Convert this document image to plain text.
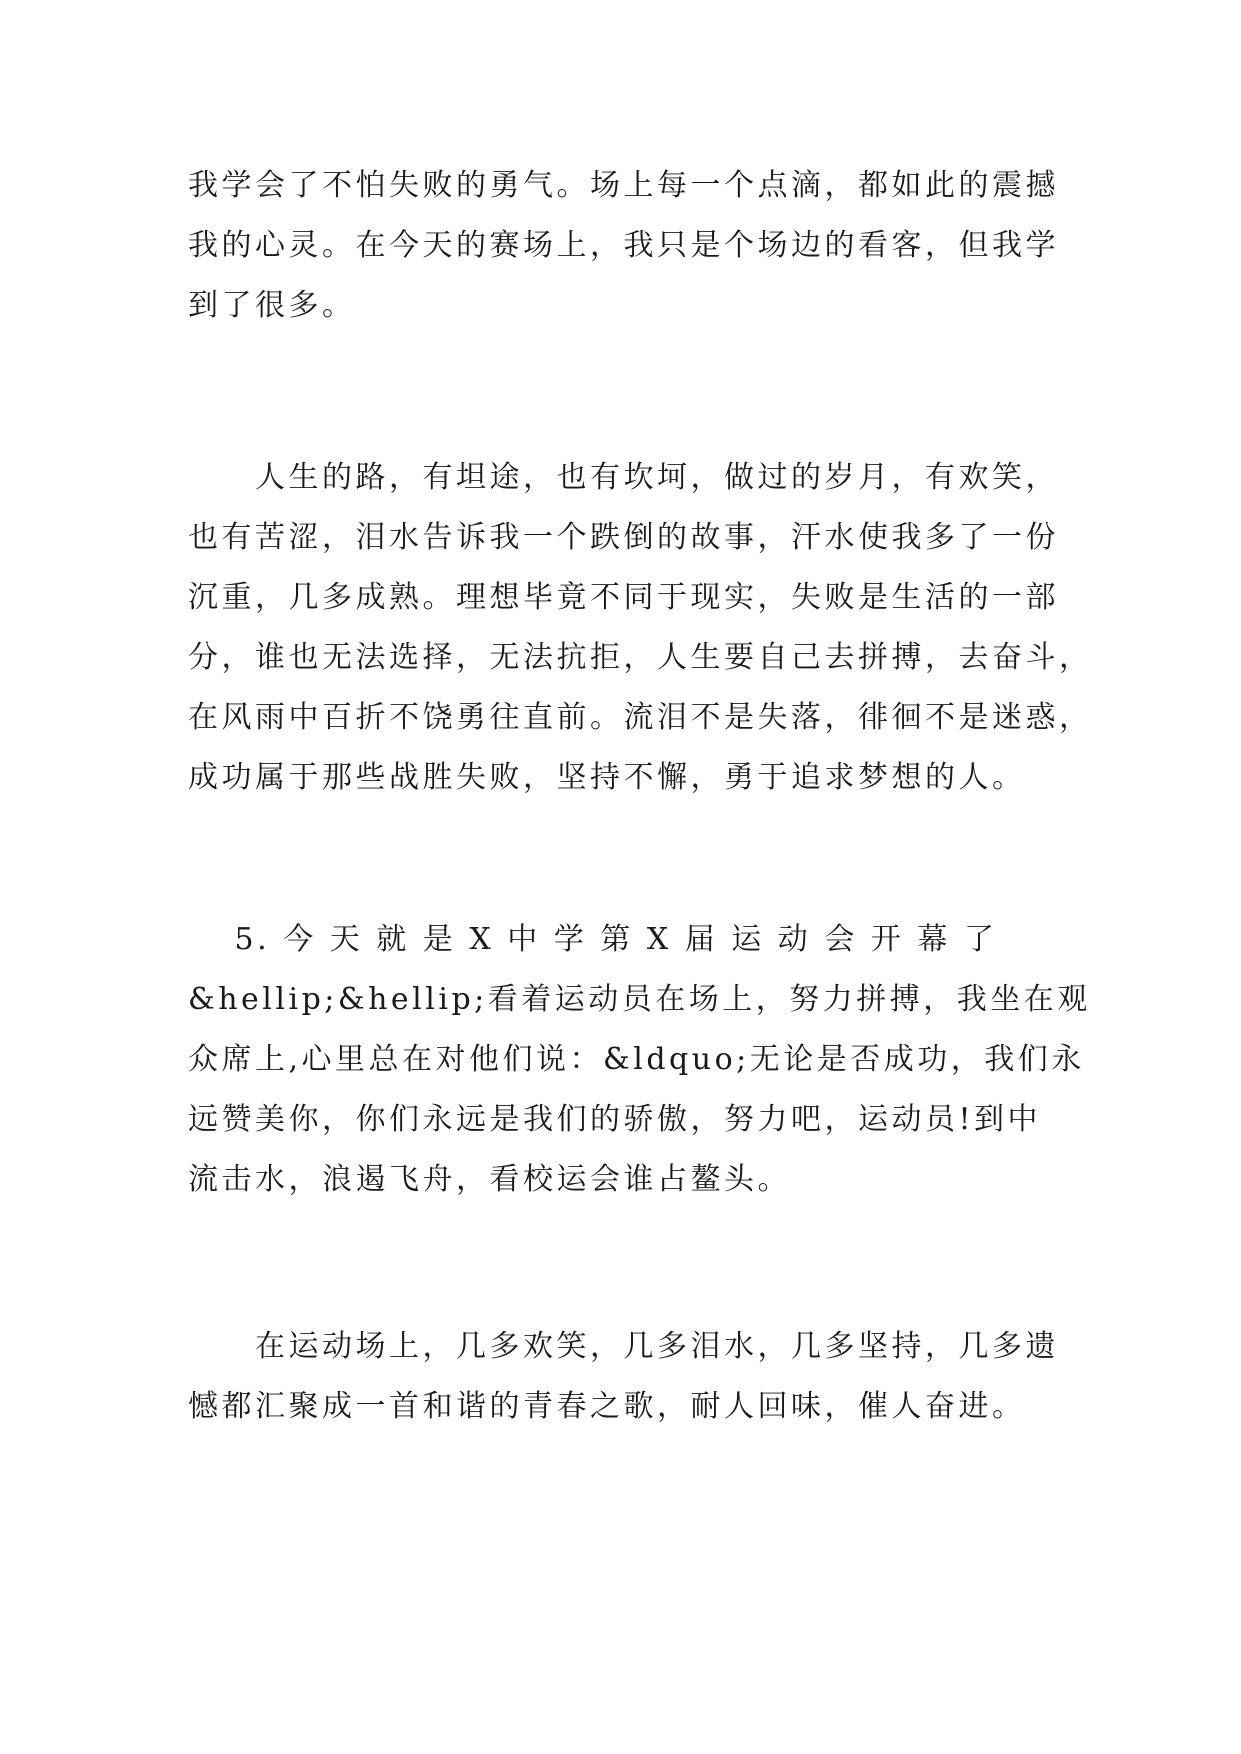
我学会了不怕失败的勇气。场上每一个点滴，都如此的震撼
我的心灵。在今天的赛场上，我只是个场边的看客，但我学
到了很多。
　　人生的路，有坦途，也有坎坷，做过的岁月，有欢笑，
也有苦涩，泪水告诉我一个跌倒的故事，汗水使我多了一份
沉重，几多成熟。理想毕竟不同于现实，失败是生活的一部
分，谁也无法选择，无法抗拒，人生要自己去拼搏，去奋斗，
在风雨中百折不饶勇往直前。流泪不是失落，徘徊不是迷惑，
成功属于那些战胜失败，坚持不懈，勇于追求梦想的人。
　 5. 今 天 就 是 X 中 学 第 X 届 运 动 会 开 幕 了
&hellip;&hellip;看着运动员在场上，努力拼搏，我坐在观
众席上,心里总在对他们说：&ldquo;无论是否成功，我们永
远赞美你，你们永远是我们的骄傲，努力吧，运动员!到中
流击水，浪遏飞舟，看校运会谁占鳌头。
　　在运动场上，几多欢笑，几多泪水，几多坚持，几多遗
憾都汇聚成一首和谐的青春之歌，耐人回味，催人奋进。
